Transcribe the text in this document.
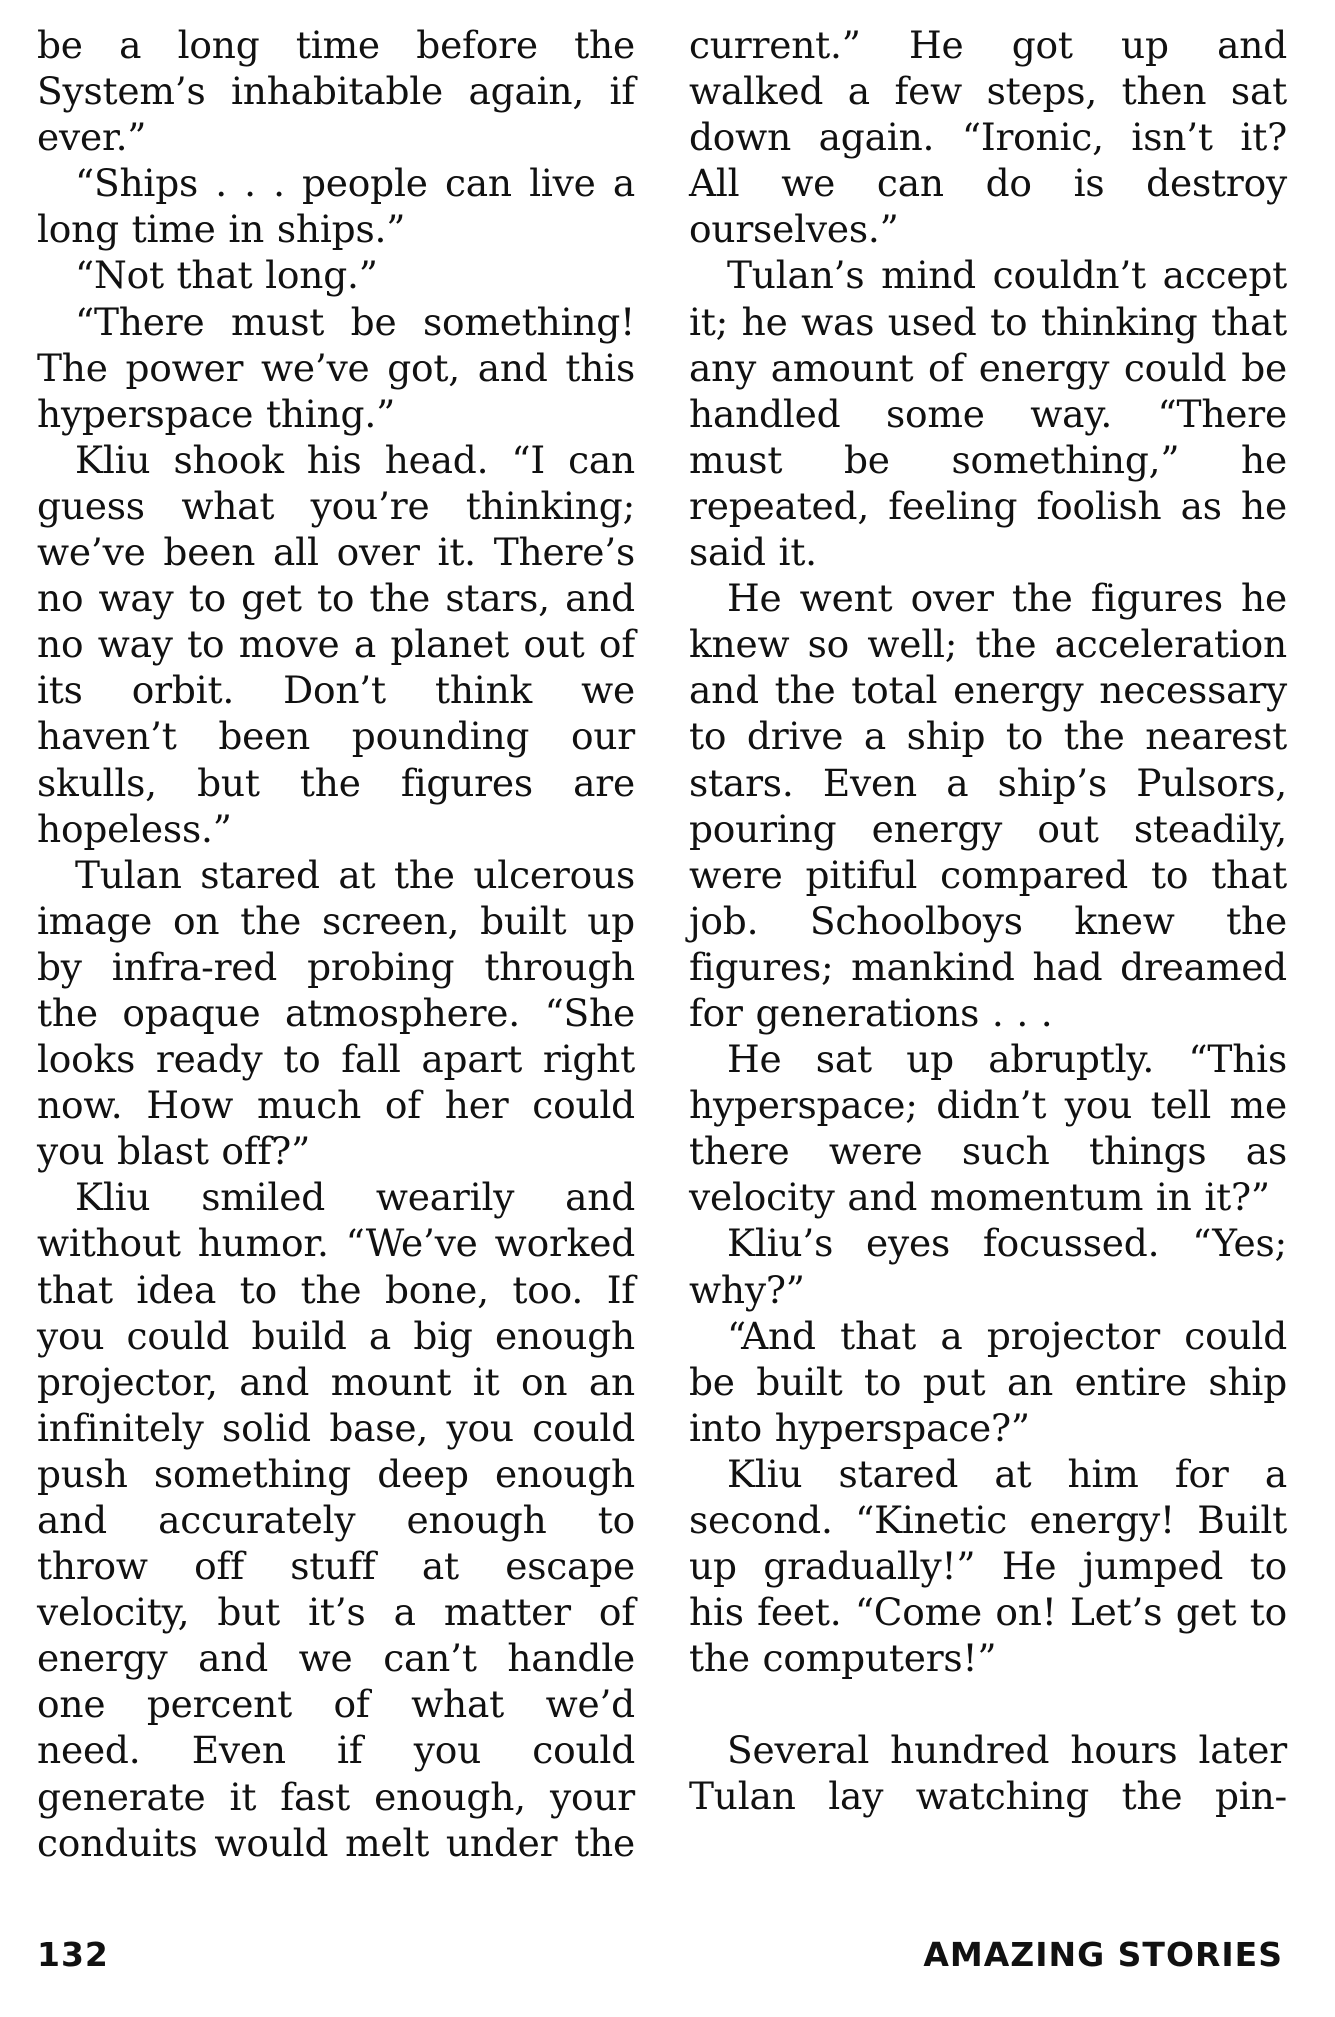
be a long time before the System’s inhabitable again, if ever.”

“Ships . . . people can live a long time in ships.”

“Not that long.”

“There must be something! The power we’ve got, and this hyperspace thing.”

Kliu shook his head. “I can guess what you’re thinking; we’ve been all over it. There’s no way to get to the stars, and no way to move a planet out of its orbit. Don’t think we haven’t been pounding our skulls, but the figures are hopeless.”

Tulan stared at the ulcerous image on the screen, built up by infra-red probing through the opaque atmosphere. “She looks ready to fall apart right now. How much of her could you blast off?”

Kliu smiled wearily and without humor. “We’ve worked that idea to the bone, too. If you could build a big enough projector, and mount it on an infinitely solid base, you could push something deep enough and accurately enough to throw off stuff at escape velocity, but it’s a matter of energy and we can’t handle one percent of what we’d need. Even if you could generate it fast enough, your conduits would melt under the

current.” He got up and walked a few steps, then sat down again. “Ironic, isn’t it? All we can do is destroy ourselves.”

Tulan’s mind couldn’t accept it; he was used to thinking that any amount of energy could be handled some way. “There must be something,” he repeated, feeling foolish as he said it.

He went over the figures he knew so well; the acceleration and the total energy necessary to drive a ship to the nearest stars. Even a ship’s Pulsors, pouring energy out steadily, were pitiful compared to that job. Schoolboys knew the figures; mankind had dreamed for generations . . .

He sat up abruptly. “This hyperspace; didn’t you tell me there were such things as velocity and momentum in it?”

Kliu’s eyes focussed. “Yes; why?”

“And that a projector could be built to put an entire ship into hyperspace?”

Kliu stared at him for a second. “Kinetic energy! Built up gradually!” He jumped to his feet. “Come on! Let’s get to the computers!”

Several hundred hours later Tulan lay watching the pin-

132	AMAZING STORIES
